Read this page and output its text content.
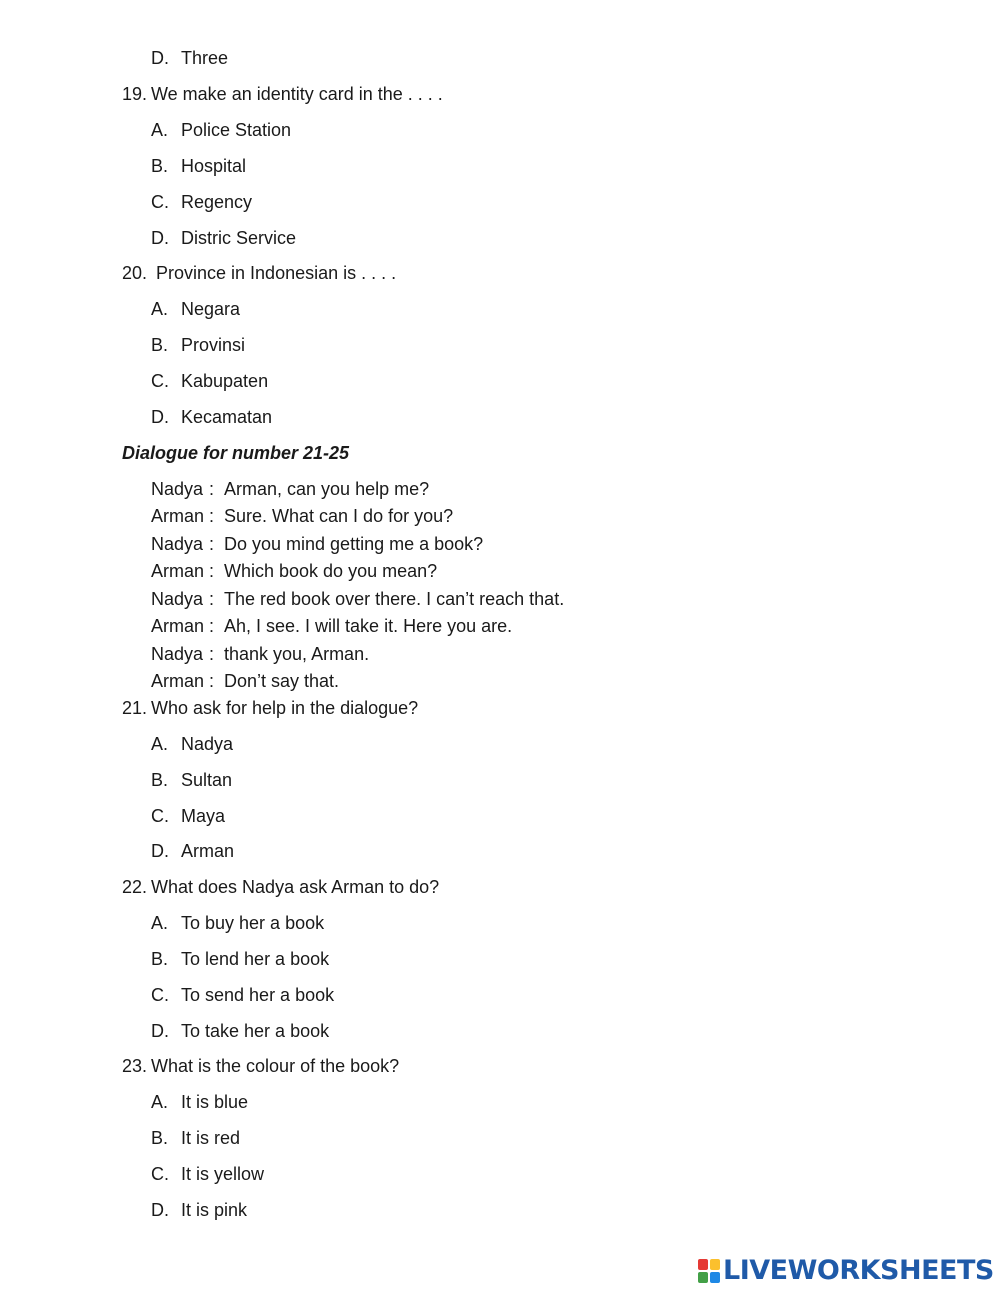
D. Three
19. We make an identity card in the . . . .
A. Police Station
B. Hospital
C. Regency
D. Distric Service
20. Province in Indonesian is . . . .
A. Negara
B. Provinsi
C. Kabupaten
D. Kecamatan
Dialogue for number 21-25
Nadya : Arman, can you help me?
Arman : Sure. What can I do for you?
Nadya : Do you mind getting me a book?
Arman : Which book do you mean?
Nadya : The red book over there. I can’t reach that.
Arman : Ah, I see. I will take it. Here you are.
Nadya : thank you, Arman.
Arman : Don’t say that.
21. Who ask for help in the dialogue?
A. Nadya
B. Sultan
C. Maya
D. Arman
22. What does Nadya ask Arman to do?
A. To buy her a book
B. To lend her a book
C. To send her a book
D. To take her a book
23. What is the colour of the book?
A. It is blue
B. It is red
C. It is yellow
D. It is pink
LIVEWORKSHEETS
